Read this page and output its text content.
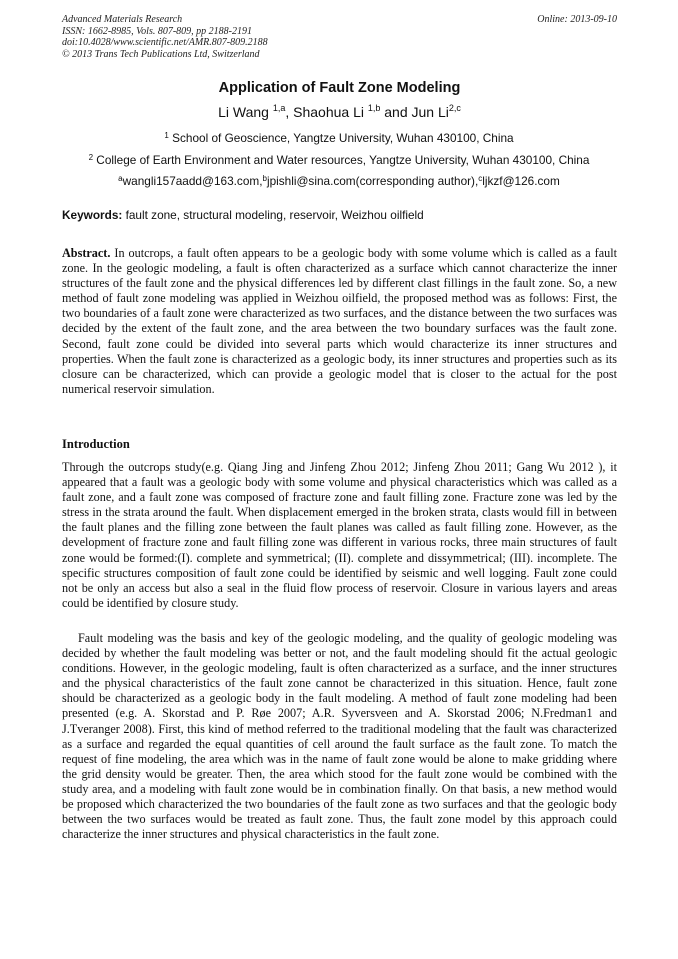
Advanced Materials Research
ISSN: 1662-8985, Vols. 807-809, pp 2188-2191
doi:10.4028/www.scientific.net/AMR.807-809.2188
© 2013 Trans Tech Publications Ltd, Switzerland
Online: 2013-09-10
Application of Fault Zone Modeling
Li Wang $^{1,a}$, Shaohua Li $^{1,b}$ and Jun Li$^{2,c}$
$^1$ School of Geoscience, Yangtze University, Wuhan 430100, China
$^2$ College of Earth Environment and Water resources, Yangtze University, Wuhan 430100, China
$^a$wangli157aadd@163.com,$^b$jpishli@sina.com(corresponding author),$^c$ljkzf@126.com
Keywords: fault zone, structural modeling, reservoir, Weizhou oilfield

Abstract. In outcrops, a fault often appears to be a geologic body with some volume which is called as a fault zone. In the geologic modeling, a fault is often characterized as a surface which cannot characterize the inner structures of the fault zone and the physical differences led by different clast fillings in the fault zone. So, a new method of fault zone modeling was applied in Weizhou oilfield, the proposed method was as follows: First, the two boundaries of a fault zone were characterized as two surfaces, and the distance between the two surfaces was decided by the extent of the fault zone, and the area between the two boundary surfaces was the fault zone. Second, fault zone could be divided into several parts which would characterize its inner structures and properties. When the fault zone is characterized as a geologic body, its inner structures and properties such as its closure can be characterized, which can provide a geologic model that is closer to the actual for the post numerical reservoir simulation.

Introduction

Through the outcrops study(e.g. Qiang Jing and Jinfeng Zhou 2012; Jinfeng Zhou 2011; Gang Wu 2012 ), it appeared that a fault was a geologic body with some volume and physical characteristics which was called as a fault zone, and a fault zone was composed of fracture zone and fault filling zone. Fracture zone was led by the stress in the strata around the fault. When displacement emerged in the broken strata, clasts would fill in between the fault planes and the filling zone between the fault planes was called as fault filling zone. However, as the development of fracture zone and fault filling zone was different in various rocks, three main structures of fault zone would be formed:(I). complete and symmetrical; (II). complete and dissymmetrical; (III). incomplete. The specific structures composition of fault zone could be identified by seismic and well logging. Fault zone could not be only an access but also a seal in the fluid flow process of reservoir. Closure in various layers and areas could be identified by closure study.

Fault modeling was the basis and key of the geologic modeling, and the quality of geologic modeling was decided by whether the fault modeling was better or not, and the fault modeling should fit the actual geologic conditions. However, in the geologic modeling, fault is often characterized as a surface, and the inner structures and the physical characteristics of the fault zone cannot be characterized in this situation. Hence, fault zone should be characterized as a geologic body in the fault modeling. A method of fault zone modeling had been presented (e.g. A. Skorstad and P. Røe 2007; A.R. Syversveen and A. Skorstad 2006; N.Fredman1 and J.Tveranger 2008). First, this kind of method referred to the traditional modeling that the fault was characterized as a surface and regarded the equal quantities of cell around the fault surface as the fault zone. To match the request of fine modeling, the area which was in the name of fault zone would be alone to make gridding where the grid density would be greater. Then, the area which stood for the fault zone would be combined with the study area, and a modeling with fault zone would be in combination finally. On that basis, a new method would be proposed which characterized the two boundaries of the fault zone as two surfaces and that the geologic body between the two surfaces would be treated as fault zone. Thus, the fault zone model by this approach could characterize the inner structures and physical characteristics in the fault zone.
